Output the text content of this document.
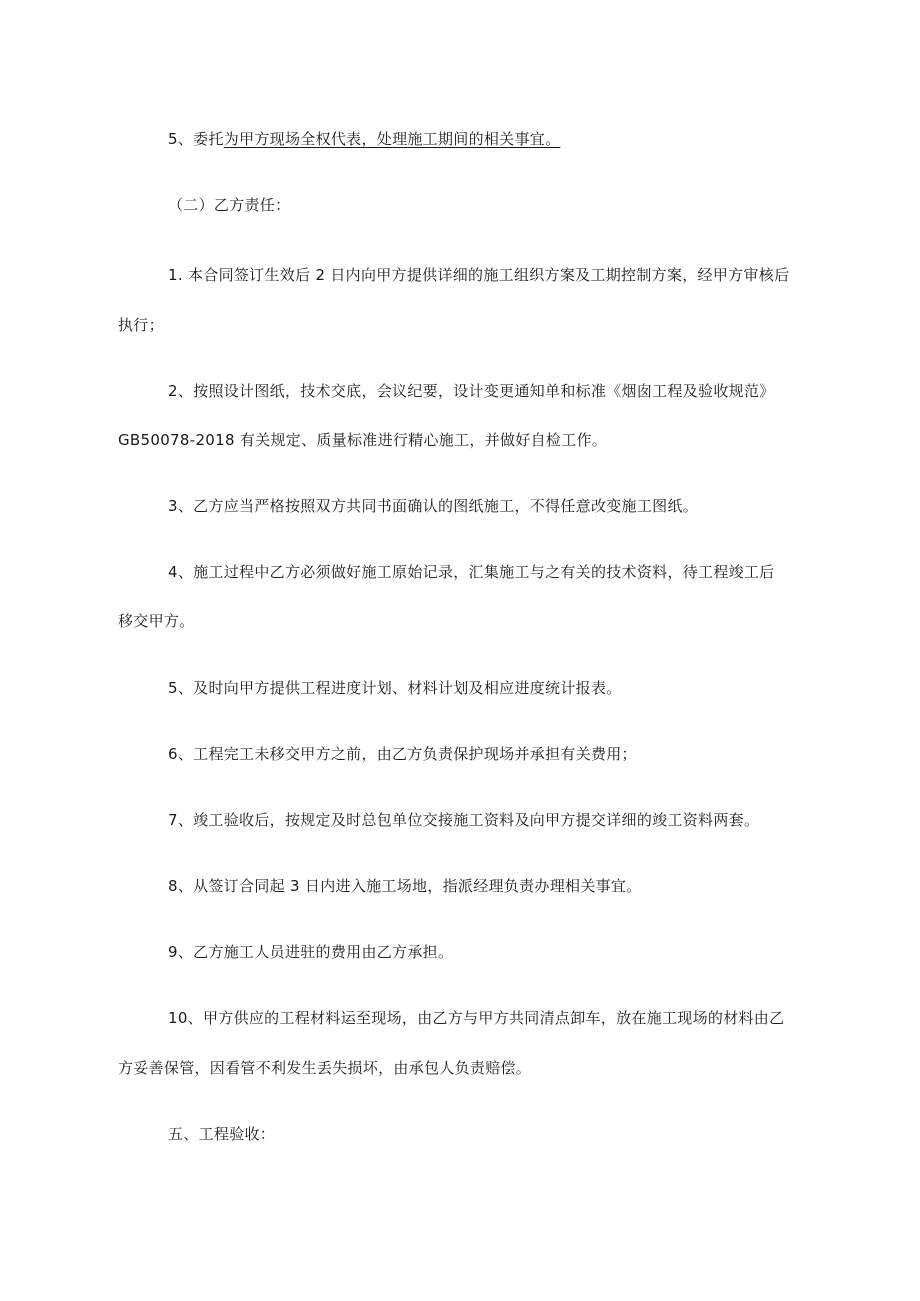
5、委托为甲方现场全权代表，处理施工期间的相关事宜。
（二）乙方责任：
1. 本合同签订生效后 2 日内向甲方提供详细的施工组织方案及工期控制方案，经甲方审核后
执行；
2、按照设计图纸，技术交底，会议纪要，设计变更通知单和标准《烟囱工程及验收规范》
GB50078-2018 有关规定、质量标准进行精心施工，并做好自检工作。
3、乙方应当严格按照双方共同书面确认的图纸施工，不得任意改变施工图纸。
4、施工过程中乙方必须做好施工原始记录，汇集施工与之有关的技术资料，待工程竣工后
移交甲方。
5、及时向甲方提供工程进度计划、材料计划及相应进度统计报表。
6、工程完工未移交甲方之前，由乙方负责保护现场并承担有关费用；
7、竣工验收后，按规定及时总包单位交接施工资料及向甲方提交详细的竣工资料两套。
8、从签订合同起 3 日内进入施工场地，指派经理负责办理相关事宜。
9、乙方施工人员进驻的费用由乙方承担。
10、甲方供应的工程材料运至现场，由乙方与甲方共同清点卸车，放在施工现场的材料由乙
方妥善保管，因看管不利发生丢失损坏，由承包人负责赔偿。
五、工程验收：
